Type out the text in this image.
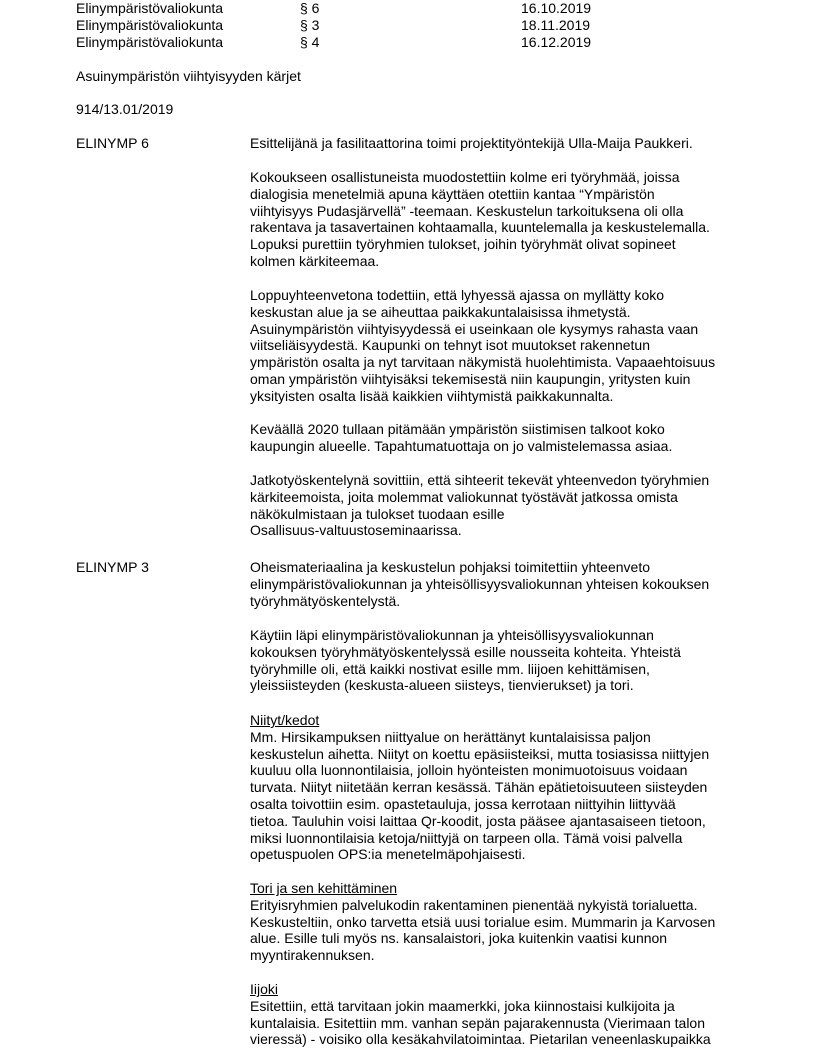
Elinympäristövaliokunta	§ 6	16.10.2019
Elinympäristövaliokunta	§ 3	18.11.2019
Elinympäristövaliokunta	§ 4	16.12.2019
Asuinympäristön viihtyisyyden kärjet
914/13.01/2019
ELINYMP 6	Esittelijänä ja fasilitaattorina toimi projektityöntekijä Ulla-Maija Paukkeri.
Kokoukseen osallistuneista muodostettiin kolme eri työryhmää, joissa
dialogisia menetelmiä apuna käyttäen otettiin kantaa “Ympäristön
viihtyisyys Pudasjärvellä” -teemaan. Keskustelun tarkoituksena oli olla
rakentava ja tasavertainen kohtaamalla, kuuntelemalla ja keskustelemalla.
Lopuksi purettiin työryhmien tulokset, joihin työryhmät olivat sopineet
kolmen kärkiteemaa.
Loppuyhteenvetona todettiin, että lyhyessä ajassa on myllätty koko
keskustan alue ja se aiheuttaa paikkakuntalaisissa ihmetystä.
Asuinympäristön viihtyisyydessä ei useinkaan ole kysymys rahasta vaan
viitseliäisyydestä. Kaupunki on tehnyt isot muutokset rakennetun
ympäristön osalta ja nyt tarvitaan näkymistä huolehtimista. Vapaaehtoisuus
oman ympäristön viihtyisäksi tekemisestä niin kaupungin, yritysten kuin
yksityisten osalta lisää kaikkien viihtymistä paikkakunnalta.
Keväällä 2020 tullaan pitämään ympäristön siistimisen talkoot koko
kaupungin alueelle. Tapahtumatuottaja on jo valmistelemassa asiaa.
Jatkotyöskentelynä sovittiin, että sihteerit tekevät yhteenvedon työryhmien
kärkiteemoista, joita molemmat valiokunnat työstävät jatkossa omista
näkökulmistaan ja tulokset tuodaan esille
Osallisuus-valtuustoseminaarissa.
ELINYMP 3	Oheismateriaalina ja keskustelun pohjaksi toimitettiin yhteenveto
elinympäristövaliokunnan ja yhteisöllisyysvaliokunnan yhteisen kokouksen
työryhmätyöskentelystä.
Käytiin läpi elinympäristövaliokunnan ja yhteisöllisyysvaliokunnan
kokouksen työryhmätyöskentelyssä esille nousseita kohteita. Yhteistä
työryhmille oli, että kaikki nostivat esille mm. liijoen kehittämisen,
yleissiisteyden (keskusta-alueen siisteys, tienvierukset) ja tori.
Niityt/kedot
Mm. Hirsikampuksen niittyalue on herättänyt kuntalaisissa paljon
keskustelun aihetta. Niityt on koettu epäsiisteiksi, mutta tosiasissa niittyjen
kuuluu olla luonnontilaisia, jolloin hyönteisten monimuotoisuus voidaan
turvata. Niityt niitetään kerran kesässä. Tähän epätietoisuuteen siisteyden
osalta toivottiin esim. opastetauluja, jossa kerrotaan niittyihin liittyvää
tietoa. Tauluhin voisi laittaa Qr-koodit, josta pääsee ajantasaiseen tietoon,
miksi luonnontilaisia ketoja/niittyjä on tarpeen olla. Tämä voisi palvella
opetuspuolen OPS:ia menetelmäpohjaisesti.
Tori ja sen kehittäminen
Erityisryhmien palvelukodin rakentaminen pienentää nykyistä torialuetta.
Keskusteltiin, onko tarvetta etsiä uusi torialue esim. Mummarin ja Karvosen
alue. Esille tuli myös ns. kansalaistori, joka kuitenkin vaatisi kunnon
myyntirakennuksen.
Iijoki
Esitettiin, että tarvitaan jokin maamerkki, joka kiinnostaisi kulkijoita ja
kuntalaisia. Esitettiin mm. vanhan sepän pajarakennusta (Vierimaan talon
vieressä) - voisiko olla kesäkahvilatoimintaa. Pietarilan veneenlaskupaikka
